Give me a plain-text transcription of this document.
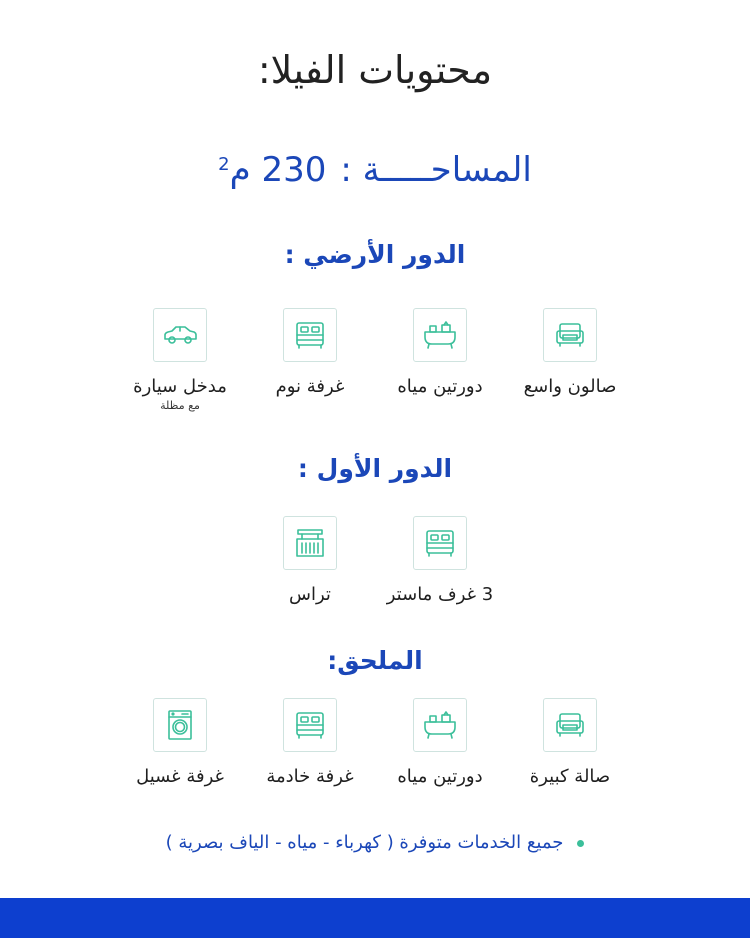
محتويات الفيلا:

المساحـــــة :230 م$^2$

الدور الأرضي :
صالون واسع
دورتين مياه
غرفة نوم
مدخل سيارة
مع مظلة
الدور الأول :
3 غرف ماستر
تراس
الملحق:
صالة كبيرة
دورتين مياه
غرفة خادمة
غرفة غسيل

جميع الخدمات متوفرة ( كهرباء - مياه - الياف بصرية )
